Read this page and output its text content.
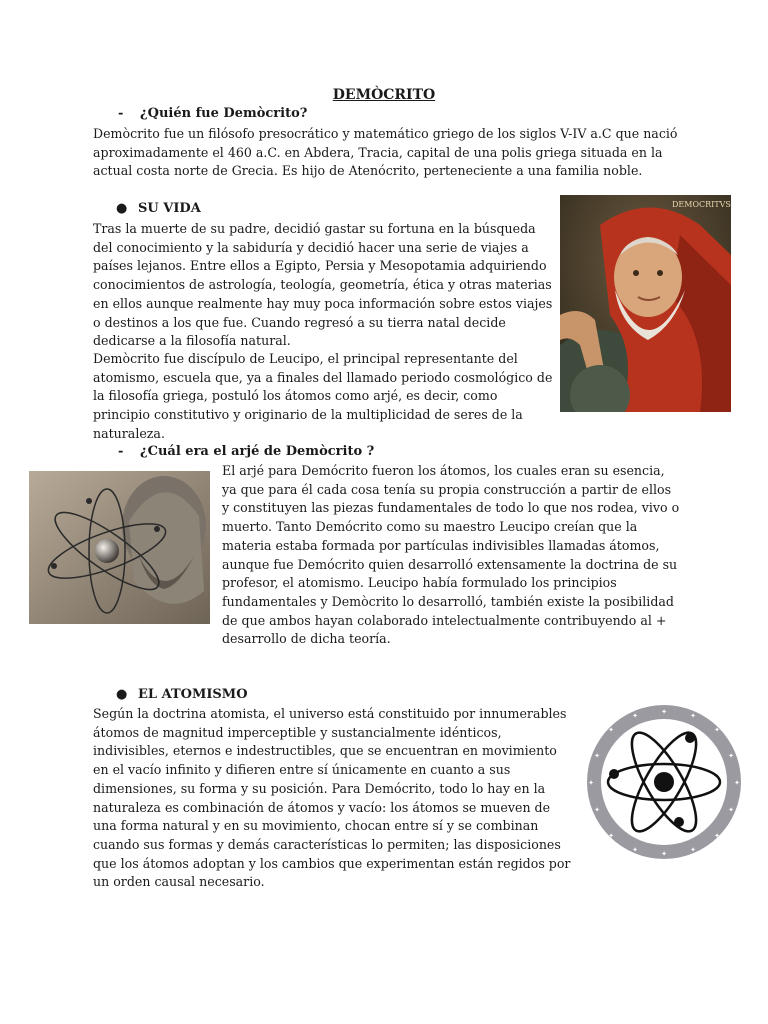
DEMÒCRITO
- ¿Quién fue Demòcrito?

Demòcrito fue un filósofo presocrático y matemático griego de los siglos V-IV a.C que nació aproximadamente el 460 a.C. en Abdera, Tracia, capital de una polis griega situada en la actual costa norte de Grecia. Es hijo de Atenócrito, perteneciente a una familia noble.

● SU VIDA

Tras la muerte de su padre, decidió gastar su fortuna en la búsqueda del conocimiento y la sabiduría y decidió hacer una serie de viajes a países lejanos. Entre ellos a Egipto, Persia y Mesopotamia adquiriendo conocimientos de astrología, teología, geometría, ética y otras materias en ellos aunque realmente hay muy poca información sobre estos viajes o destinos a los que fue. Cuando regresó a su tierra natal decide dedicarse a la filosofía natural.

Demòcrito fue discípulo de Leucipo, el principal representante del atomismo, escuela que, ya a finales del llamado periodo cosmológico de la filosofía griega, postuló los átomos como arjé, es decir, como principio constitutivo y originario de la multiplicidad de seres de la naturaleza.

DEMOCRITVS
- ¿Cuál era el arjé de Demòcrito ?

El arjé para Demócrito fueron los átomos, los cuales eran su esencia, ya que para él cada cosa tenía su propia construcción a partir de ellos y constituyen las piezas fundamentales de todo lo que nos rodea, vivo o muerto. Tanto Demócrito como su maestro Leucipo creían que la materia estaba formada por partículas indivisibles llamadas átomos, aunque fue Demócrito quien desarrolló extensamente la doctrina de su profesor, el atomismo. Leucipo había formulado los principios fundamentales y Demòcrito lo desarrolló, también existe la posibilidad de que ambos hayan colaborado intelectualmente contribuyendo al + desarrollo de dicha teoría.

● EL ATOMISMO

Según la doctrina atomista, el universo está constituido por innumerables átomos de magnitud imperceptible y sustancialmente idénticos, indivisibles, eternos e indestructibles, que se encuentran en movimiento en el vacío infinito y difieren entre sí únicamente en cuanto a sus dimensiones, su forma y su posición. Para Demócrito, todo lo hay en la naturaleza es combinación de átomos y vacío: los átomos se mueven de una forma natural y en su movimiento, chocan entre sí y se combinan cuando sus formas y demás características lo permiten; las disposiciones que los átomos adoptan y los cambios que experimentan están regidos por un orden causal necesario.

✦
✦
✦	✦
✦	✦
✦	✦
✦	✦
✦	✦
✦	✦
✦	✦
